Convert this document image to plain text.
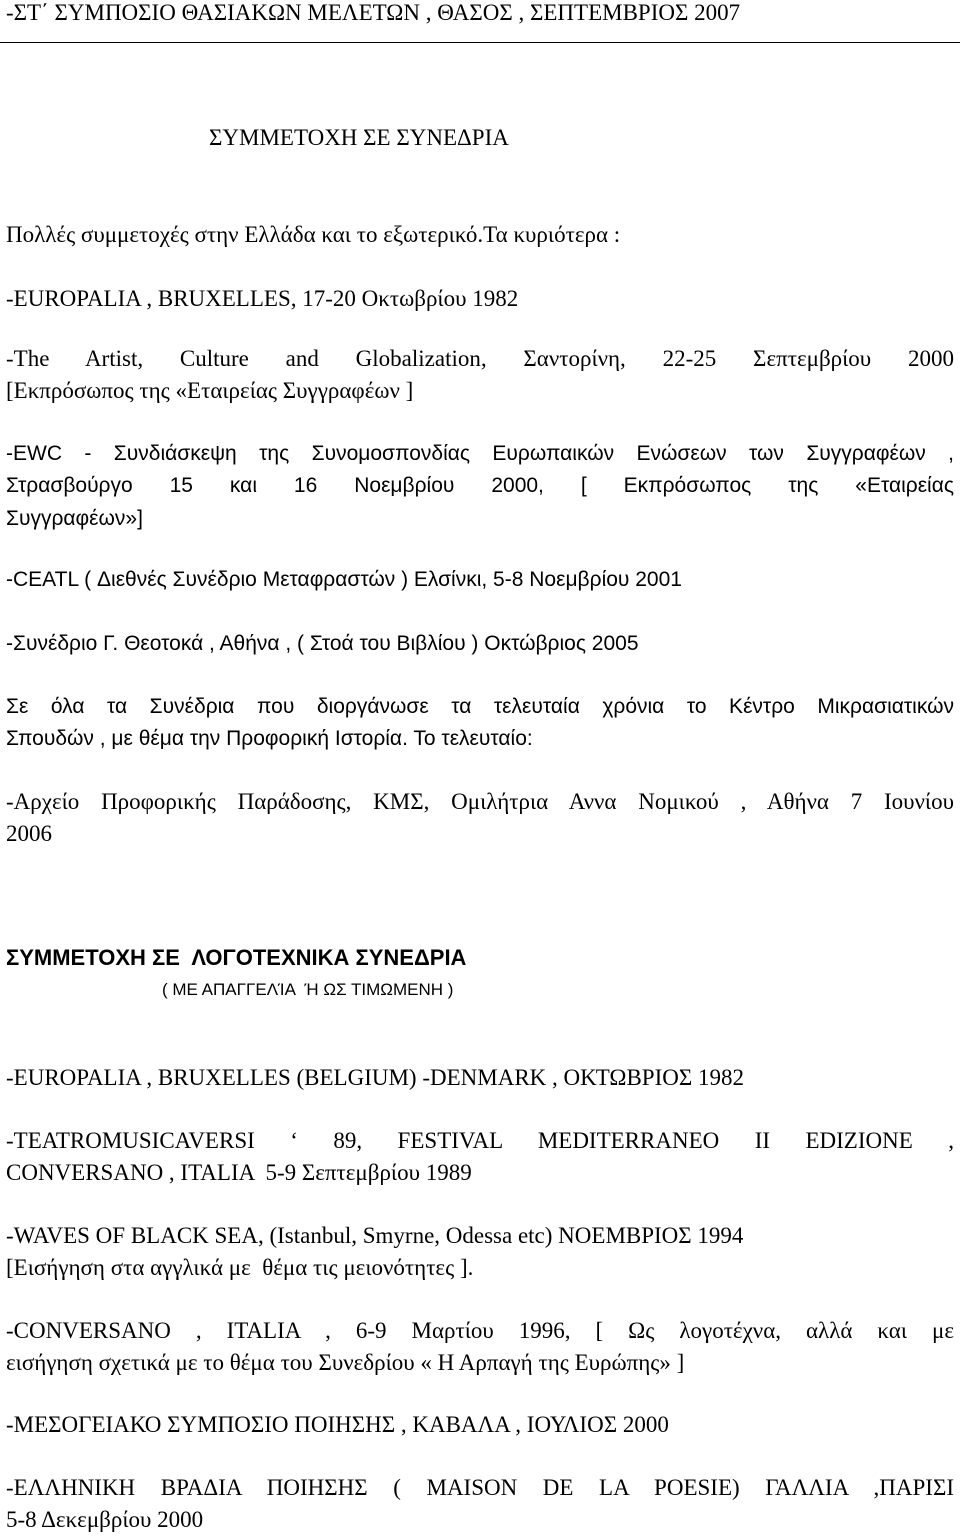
-ΣΤ΄ ΣΥΜΠΟΣΙΟ ΘΑΣΙΑΚΩΝ ΜΕΛΕΤΩΝ , ΘΑΣΟΣ , ΣΕΠΤΕΜΒΡΙΟΣ 2007
ΣΥΜΜΕΤΟΧΗ ΣΕ ΣΥΝΕΔΡΙΑ
Πολλές συμμετοχές στην Ελλάδα και το εξωτερικό.Τα κυριότερα :
-EUROPALIA , BRUXELLES, 17-20 Οκτωβρίου 1982
-The Artist, Culture and Globalization, Σαντορίνη, 22-25 Σεπτεμβρίου 2000
[Εκπρόσωπος της «Εταιρείας Συγγραφέων ]
-EWC - Συνδιάσκεψη της Συνομοσπονδίας Ευρωπαικών Ενώσεων των Συγγραφέων ,
Στρασβούργο 15 και 16 Νοεμβρίου 2000, [ Εκπρόσωπος της «Εταιρείας
Συγγραφέων»]
-CEATL ( Διεθνές Συνέδριο Μεταφραστών ) Ελσίνκι, 5-8 Νοεμβρίου 2001
-Συνέδριο Γ. Θεοτοκά , Αθήνα , ( Στοά του Βιβλίου ) Οκτώβριος 2005
Σε όλα τα Συνέδρια που διοργάνωσε τα τελευταία χρόνια το Κέντρο Μικρασιατικών
Σπουδών , με θέμα την Προφορική Ιστορία. Το τελευταίο:
-Αρχείο Προφορικής Παράδοσης, ΚΜΣ, Ομιλήτρια Αννα Νομικού , Αθήνα 7 Ιουνίου
2006
ΣΥΜΜΕΤΟΧΗ ΣΕ  ΛΟΓΟΤΕΧΝΙΚΑ ΣΥΝΕΔΡΙΑ
( ΜΕ ΑΠΑΓΓΕΛΊΑ  Ή ΩΣ ΤΙΜΩΜΕΝΗ )
-EUROPALIA , BRUXELLES (BELGIUM) -DENMARK , ΟΚΤΩΒΡΙΟΣ 1982
-TEATROMUSICAVERSI ‘ 89, FESTIVAL MEDITERRANEO II EDIZIONE ,
CONVERSANO , ITALIA  5-9 Σεπτεμβρίου 1989
-WAVES OF BLACK SEA, (Istanbul, Smyrne, Odessa etc) ΝΟΕΜΒΡΙΟΣ 1994
[Εισήγηση στα αγγλικά με  θέμα τις μειονότητες ].
-CONVERSANO , ITALIA , 6-9 Μαρτίου 1996, [ Ως λογοτέχνα, αλλά και με
εισήγηση σχετικά με το θέμα του Συνεδρίου « Η Αρπαγή της Ευρώπης» ]
-ΜΕΣΟΓΕΙΑΚΟ ΣΥΜΠΟΣΙΟ ΠΟΙΗΣΗΣ , ΚΑΒΑΛΑ , ΙΟΥΛΙΟΣ 2000
-ΕΛΛΗΝΙΚΗ ΒΡΑΔΙΑ ΠΟΙΗΣΗΣ ( MAISON DE LA POESIE) ΓΑΛΛΙΑ ,ΠΑΡΙΣΙ
5-8 Δεκεμβρίου 2000
